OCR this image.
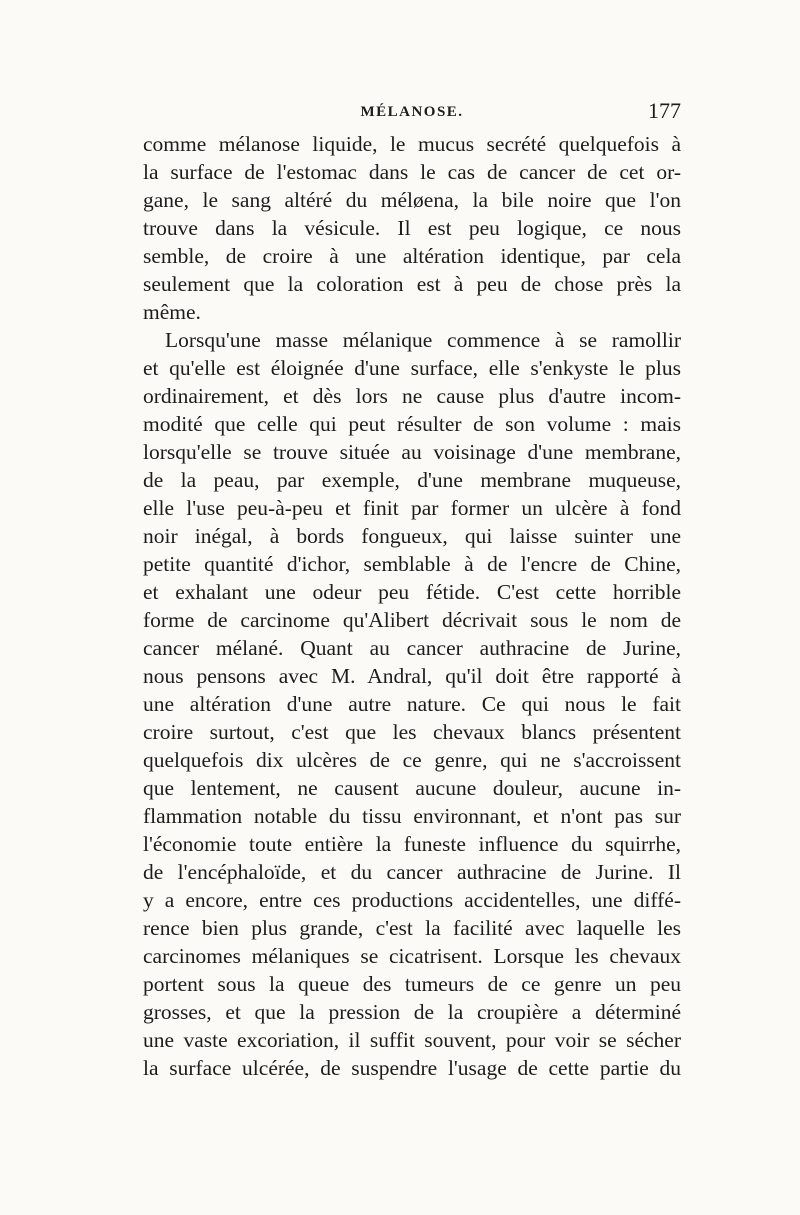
MÉLANOSE.	177
comme mélanose liquide, le mucus secrété quelquefois à
la surface de l'estomac dans le cas de cancer de cet or-
gane, le sang altéré du méløena, la bile noire que l'on
trouve dans la vésicule. Il est peu logique, ce nous
semble, de croire à une altération identique, par cela
seulement que la coloration est à peu de chose près la
même.
Lorsqu'une masse mélanique commence à se ramollir
et qu'elle est éloignée d'une surface, elle s'enkyste le plus
ordinairement, et dès lors ne cause plus d'autre incom-
modité que celle qui peut résulter de son volume : mais
lorsqu'elle se trouve située au voisinage d'une membrane,
de la peau, par exemple, d'une membrane muqueuse,
elle l'use peu-à-peu et finit par former un ulcère à fond
noir inégal, à bords fongueux, qui laisse suinter une
petite quantité d'ichor, semblable à de l'encre de Chine,
et exhalant une odeur peu fétide. C'est cette horrible
forme de carcinome qu'Alibert décrivait sous le nom de
cancer mélané. Quant au cancer authracine de Jurine,
nous pensons avec M. Andral, qu'il doit être rapporté à
une altération d'une autre nature. Ce qui nous le fait
croire surtout, c'est que les chevaux blancs présentent
quelquefois dix ulcères de ce genre, qui ne s'accroissent
que lentement, ne causent aucune douleur, aucune in-
flammation notable du tissu environnant, et n'ont pas sur
l'économie toute entière la funeste influence du squirrhe,
de l'encéphaloïde, et du cancer authracine de Jurine. Il
y a encore, entre ces productions accidentelles, une diffé-
rence bien plus grande, c'est la facilité avec laquelle les
carcinomes mélaniques se cicatrisent. Lorsque les chevaux
portent sous la queue des tumeurs de ce genre un peu
grosses, et que la pression de la croupière a déterminé
une vaste excoriation, il suffit souvent, pour voir se sécher
la surface ulcérée, de suspendre l'usage de cette partie du
